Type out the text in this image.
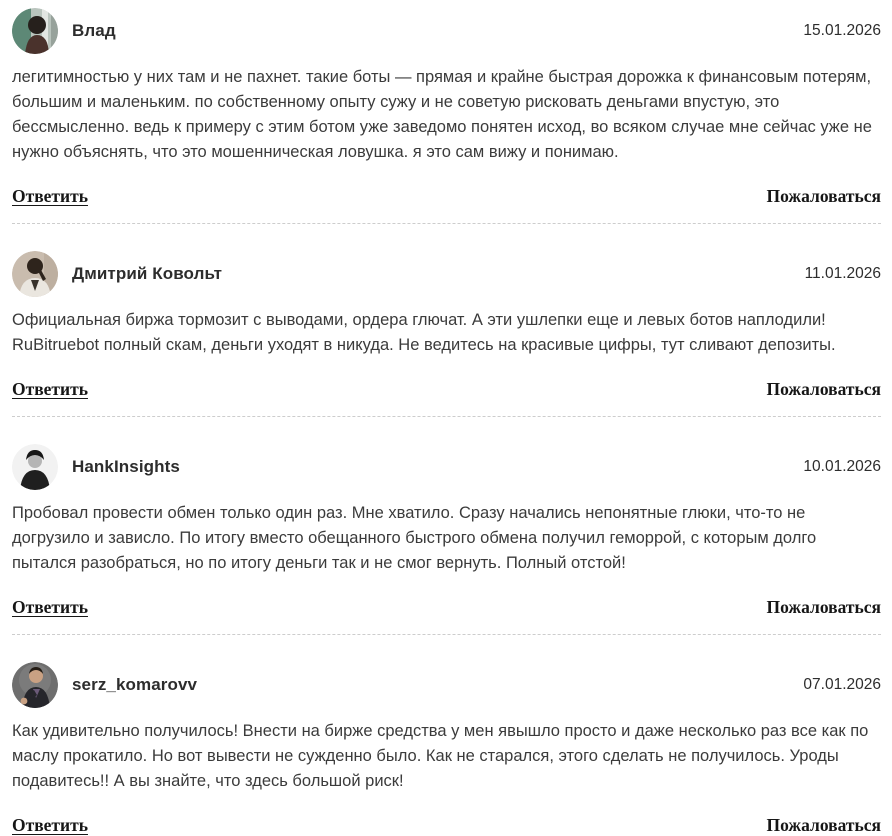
Влад	15.01.2026

легитимностью у них там и не пахнет. такие боты — прямая и крайне быстрая дорожка к финансовым потерям, большим и маленьким. по собственному опыту сужу и не советую рисковать деньгами впустую, это бессмысленно. ведь к примеру с этим ботом уже заведомо понятен исход, во всяком случае мне сейчас уже не нужно объяснять, что это мошенническая ловушка. я это сам вижу и понимаю.

Ответить	Пожаловаться
Дмитрий Ковольт	11.01.2026

Официальная биржа тормозит с выводами, ордера глючат. А эти ушлепки еще и левых ботов наплодили! RuBitruebot полный скам, деньги уходят в никуда. Не ведитесь на красивые цифры, тут сливают депозиты.

Ответить	Пожаловаться
HankInsights	10.01.2026

Пробовал провести обмен только один раз. Мне хватило. Сразу начались непонятные глюки, что-то не догрузило и зависло. По итогу вместо обещанного быстрого обмена получил геморрой, с которым долго пытался разобраться, но по итогу деньги так и не смог вернуть. Полный отстой!

Ответить	Пожаловаться
serz_komarovv	07.01.2026

Как удивительно получилось! Внести на бирже средства у мен явышло просто и даже несколько раз все как по маслу прокатило. Но вот вывести не сужденно было. Как не старался, этого сделать не получилось. Уроды подавитесь!! А вы знайте, что здесь большой риск!

Ответить	Пожаловаться
